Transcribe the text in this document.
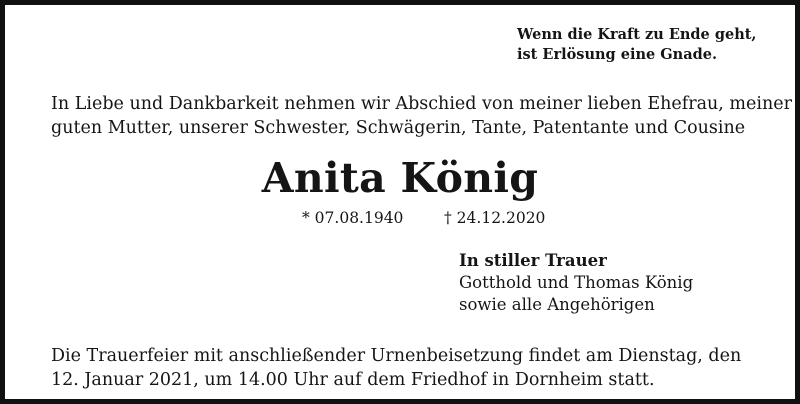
Wenn die Kraft zu Ende geht,
ist Erlösung eine Gnade.
In Liebe und Dankbarkeit nehmen wir Abschied von meiner lieben Ehefrau, meiner
guten Mutter, unserer Schwester, Schwägerin, Tante, Patentante und Cousine
Anita König
* 07.08.1940	† 24.12.2020
In stiller Trauer
Gotthold und Thomas König
sowie alle Angehörigen
Die Trauerfeier mit anschließender Urnenbeisetzung findet am Dienstag, den
12. Januar 2021, um 14.00 Uhr auf dem Friedhof in Dornheim statt.
